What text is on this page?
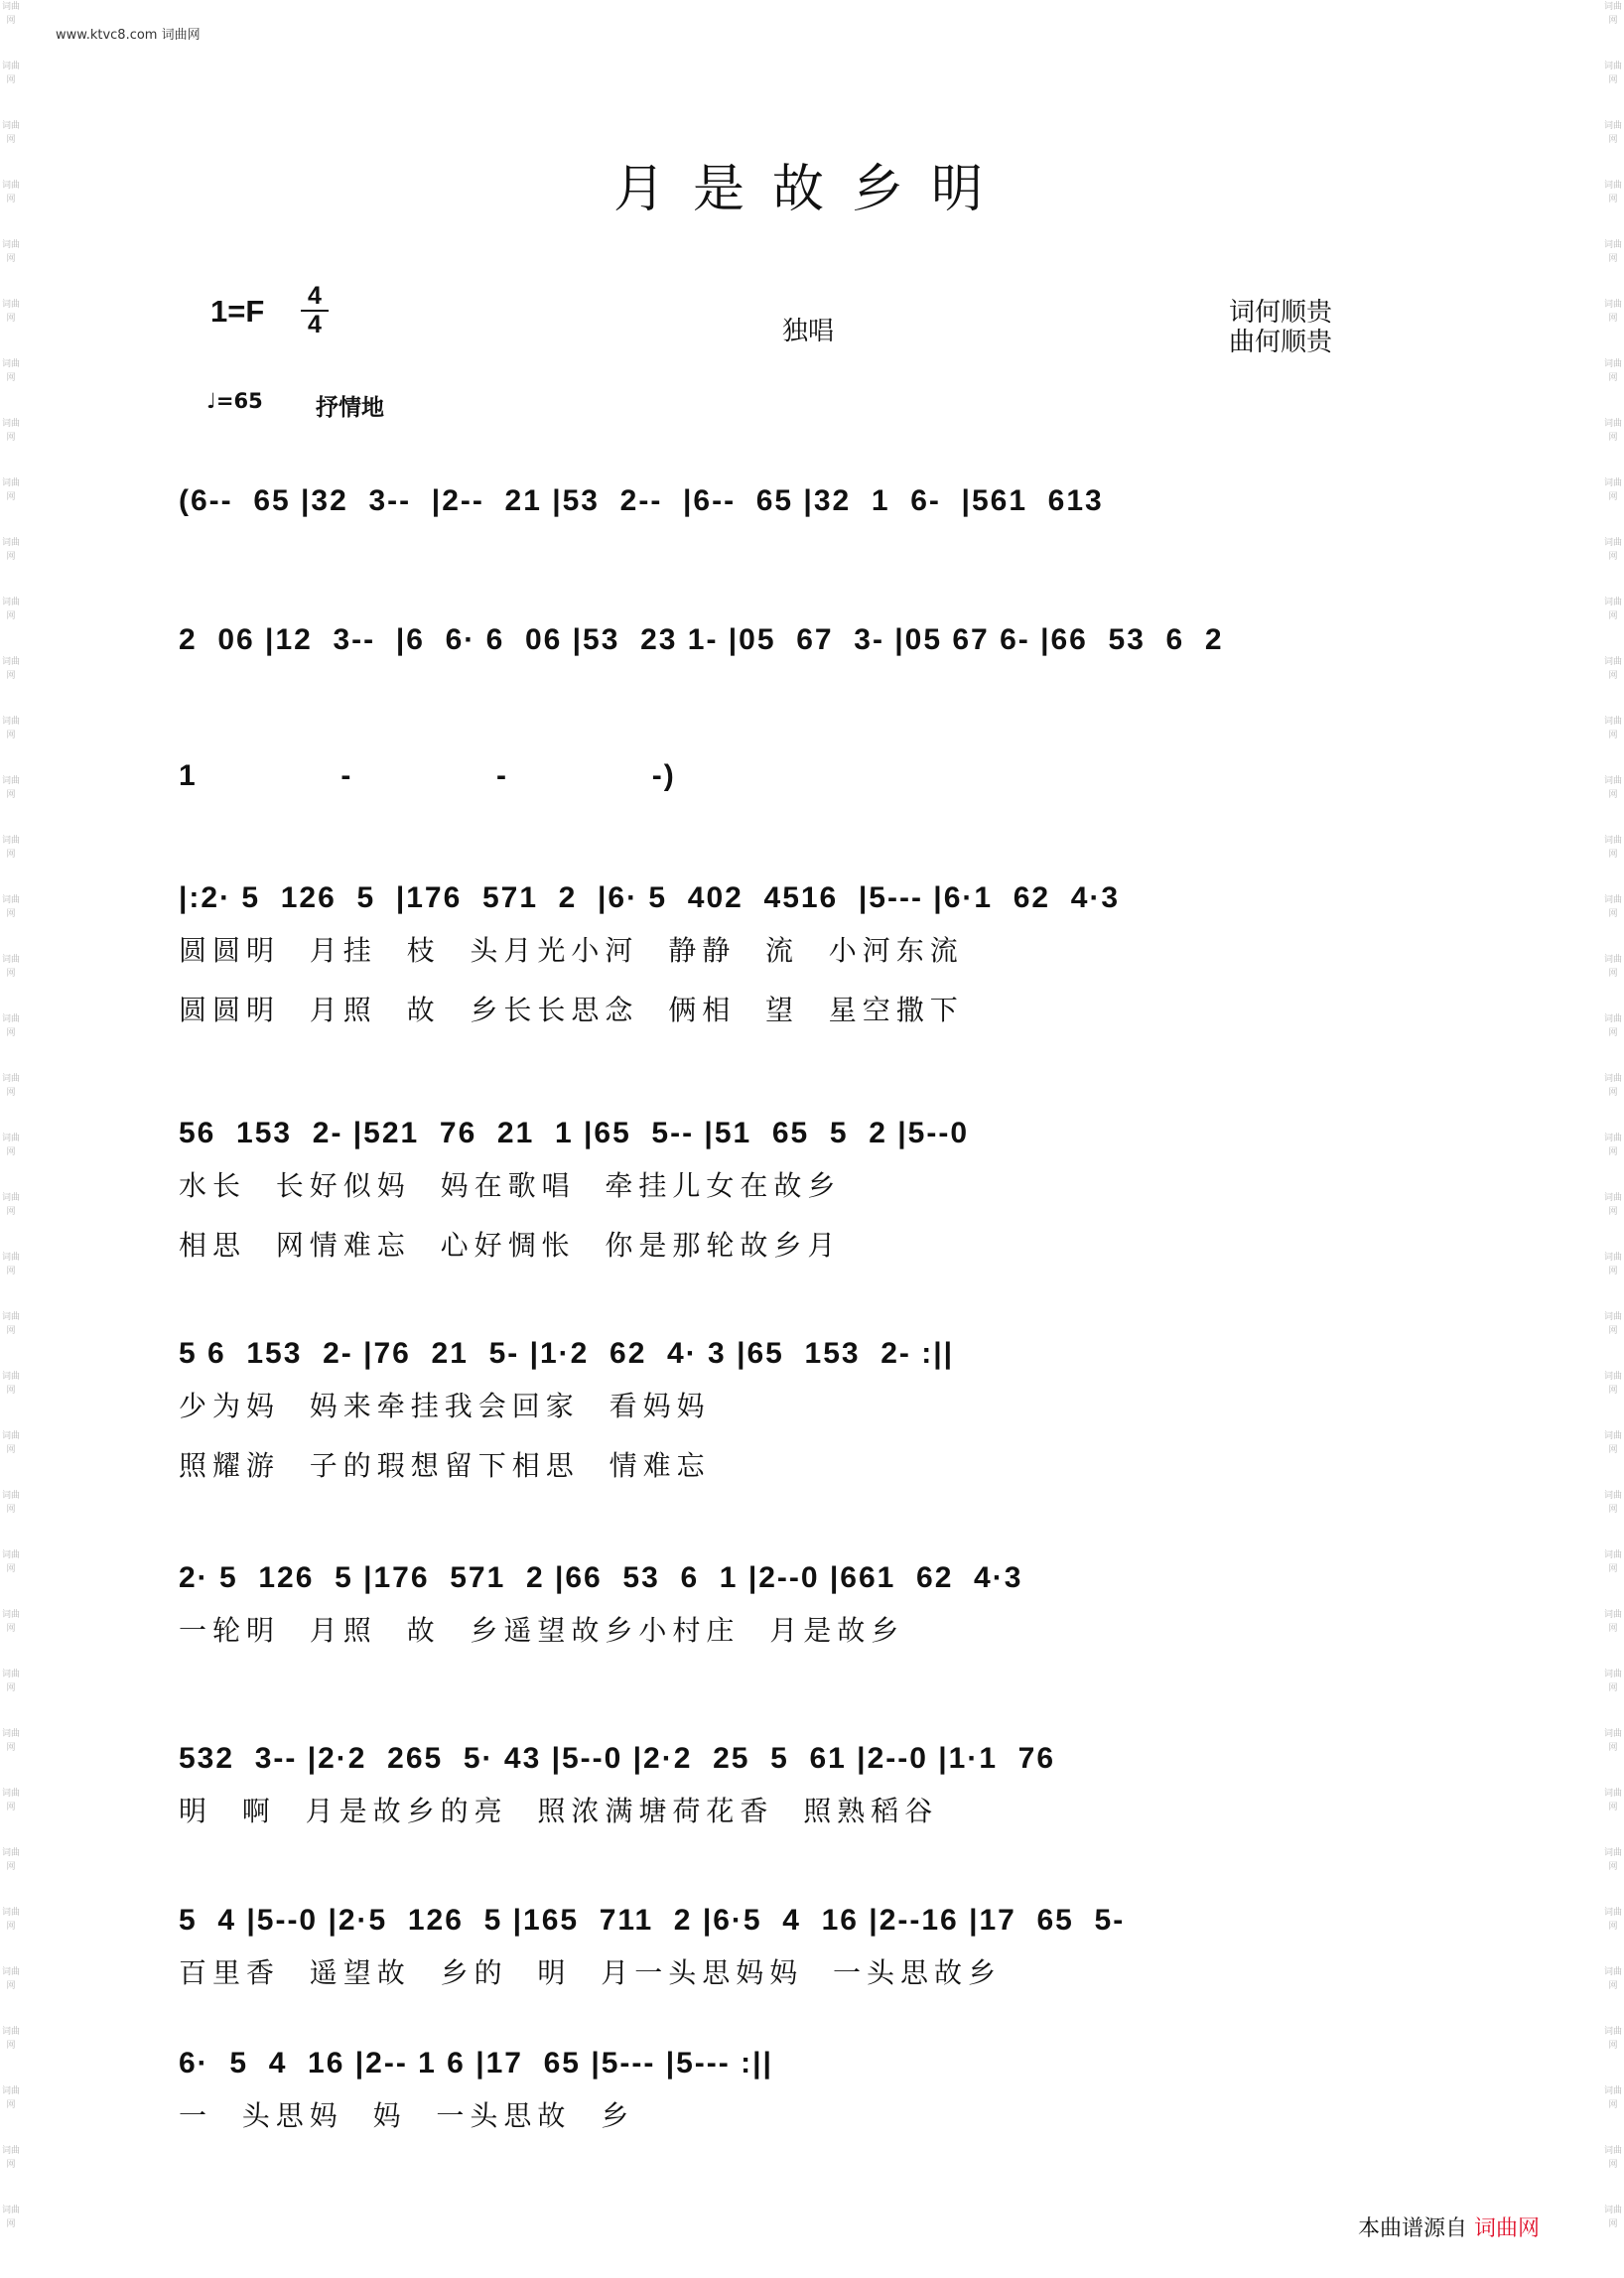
词曲网
词曲网
词曲网
词曲网
词曲网
词曲网
词曲网
词曲网
词曲网
词曲网
词曲网
词曲网
词曲网
词曲网
词曲网
词曲网
词曲网
词曲网
词曲网
词曲网
词曲网
词曲网
词曲网
词曲网
词曲网
词曲网
词曲网
词曲网
词曲网
词曲网
词曲网
词曲网
词曲网
词曲网
词曲网
词曲网
词曲网
词曲网
词曲网
词曲网
词曲网
词曲网
词曲网
词曲网
词曲网
词曲网
词曲网
词曲网
词曲网
词曲网
词曲网
词曲网
词曲网
词曲网
词曲网
词曲网
词曲网
词曲网
词曲网
词曲网
词曲网
词曲网
词曲网
词曲网
词曲网
词曲网
词曲网
词曲网
词曲网
词曲网
词曲网
词曲网
词曲网
词曲网
词曲网
词曲网
www.ktvc8.com 词曲网
月是故乡明
1=F 4
4	独唱
词何顺贵
曲何顺贵
♩=65 抒情地
(6--  65 |32  3--  |2--  21 |53  2--  |6--  65 |32  1  6-  |561  613
2  06 |12  3--  |6  6· 6  06 |53  23 1- |05  67  3- |05 67 6- |66  53  6  2
1              -              -              -)
|:2· 5  126  5  |176  571  2  |6· 5  402  4516  |5--- |6·1  62  4·3
圆圆明  月挂  枝  头月光小河  静静  流  小河东流
圆圆明  月照  故  乡长长思念  俩相  望  星空撒下
56  153  2- |521  76  21  1 |65  5-- |51  65  5  2 |5--0
水长  长好似妈  妈在歌唱  牵挂儿女在故乡
相思  网情难忘  心好惆怅  你是那轮故乡月
5 6  153  2- |76  21  5- |1·2  62  4· 3 |65  153  2- :||
少为妈  妈来牵挂我会回家  看妈妈
照耀游  子的瑕想留下相思  情难忘
2· 5  126  5 |176  571  2 |66  53  6  1 |2--0 |661  62  4·3
一轮明  月照  故  乡遥望故乡小村庄  月是故乡
532  3-- |2·2  265  5· 43 |5--0 |2·2  25  5  61 |2--0 |1·1  76
明  啊  月是故乡的亮  照浓满塘荷花香  照熟稻谷
5  4 |5--0 |2·5  126  5 |165  711  2 |6·5  4  16 |2--16 |17  65  5-
百里香  遥望故  乡的  明  月一头思妈妈  一头思故乡
6·  5  4  16 |2-- 1 6 |17  65 |5--- |5--- :||
一  头思妈  妈  一头思故  乡
本曲谱源自 词曲网
